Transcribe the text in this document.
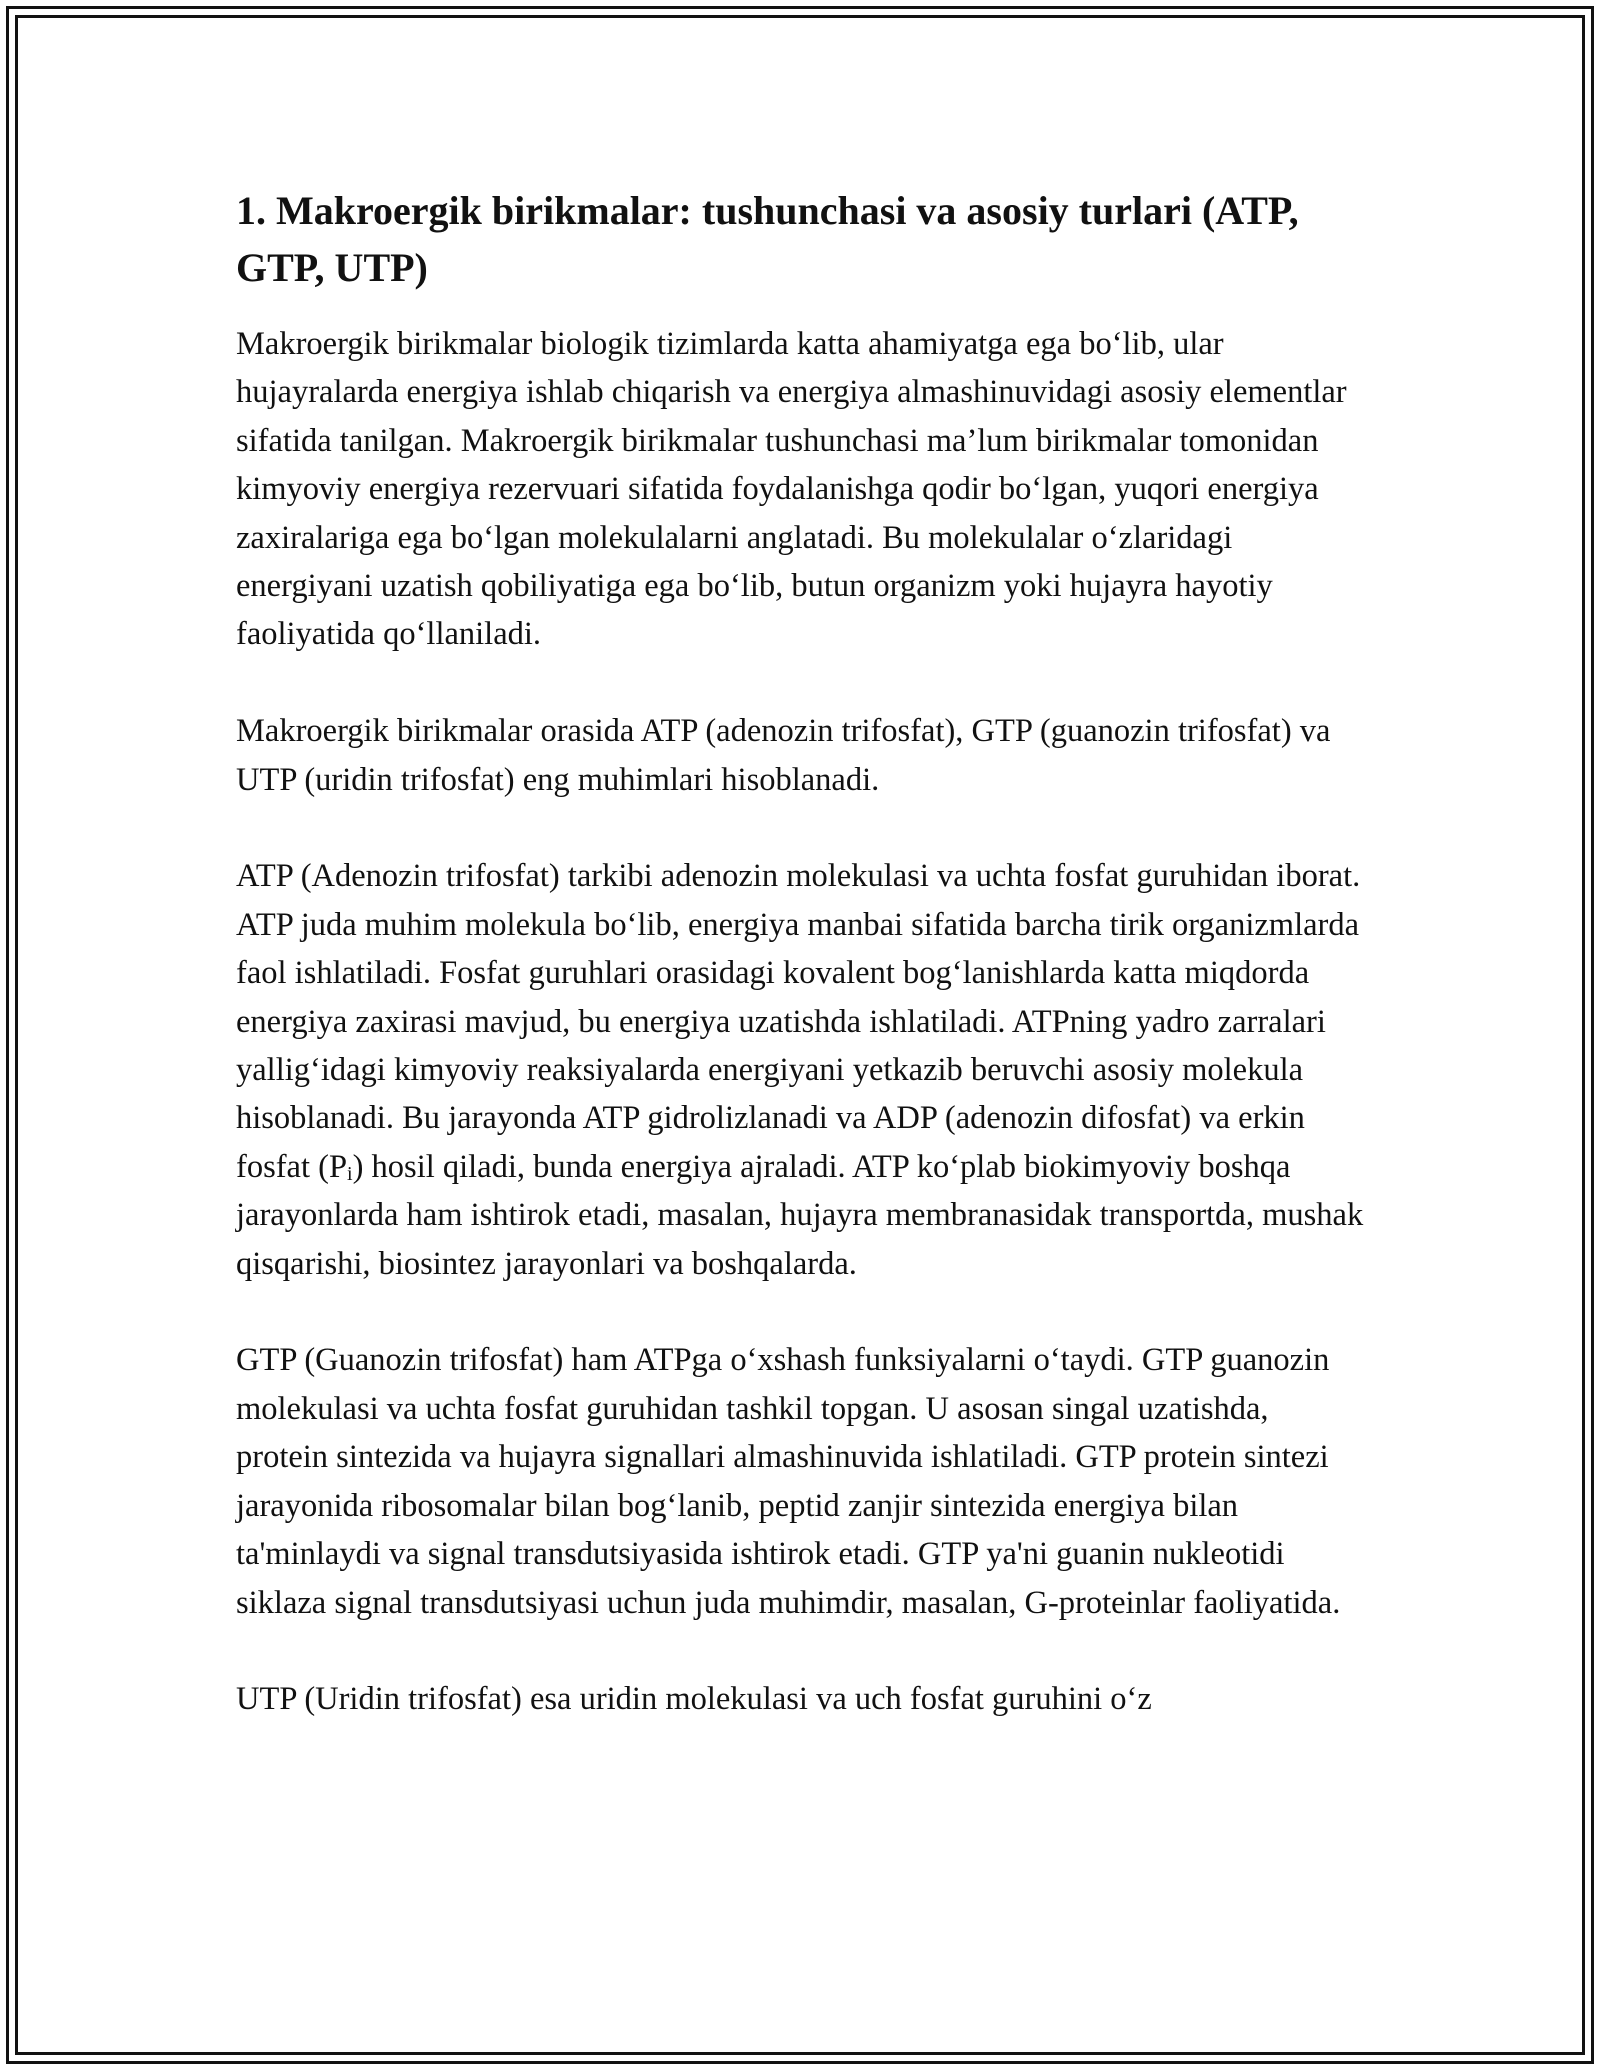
1. Makroergik birikmalar: tushunchasi va asosiy turlari (ATP, GTP, UTP)

Makroergik birikmalar biologik tizimlarda katta ahamiyatga ega bo‘lib, ular hujayralarda energiya ishlab chiqarish va energiya almashinuvidagi asosiy elementlar sifatida tanilgan. Makroergik birikmalar tushunchasi ma’lum birikmalar tomonidan kimyoviy energiya rezervuari sifatida foydalanishga qodir bo‘lgan, yuqori energiya zaxiralariga ega bo‘lgan molekulalarni anglatadi. Bu molekulalar o‘zlaridagi energiyani uzatish qobiliyatiga ega bo‘lib, butun organizm yoki hujayra hayotiy faoliyatida qo‘llaniladi.

Makroergik birikmalar orasida ATP (adenozin trifosfat), GTP (guanozin trifosfat) va UTP (uridin trifosfat) eng muhimlari hisoblanadi.

ATP (Adenozin trifosfat) tarkibi adenozin molekulasi va uchta fosfat guruhidan iborat. ATP juda muhim molekula bo‘lib, energiya manbai sifatida barcha tirik organizmlarda faol ishlatiladi. Fosfat guruhlari orasidagi kovalent bog‘lanishlarda katta miqdorda energiya zaxirasi mavjud, bu energiya uzatishda ishlatiladi. ATPning yadro zarralari yallig‘idagi kimyoviy reaksiyalarda energiyani yetkazib beruvchi asosiy molekula hisoblanadi. Bu jarayonda ATP gidrolizlanadi va ADP (adenozin difosfat) va erkin fosfat $(P_i)$ hosil qiladi, bunda energiya ajraladi. ATP ko‘plab biokimyoviy boshqa jarayonlarda ham ishtirok etadi, masalan, hujayra membranasidak transportda, mushak qisqarishi, biosintez jarayonlari va boshqalarda.

GTP (Guanozin trifosfat) ham ATPga o‘xshash funksiyalarni o‘taydi. GTP guanozin molekulasi va uchta fosfat guruhidan tashkil topgan. U asosan singal uzatishda, protein sintezida va hujayra signallari almashinuvida ishlatiladi. GTP protein sintezi jarayonida ribosomalar bilan bog‘lanib, peptid zanjir sintezida energiya bilan ta'minlaydi va signal transdutsiyasida ishtirok etadi. GTP ya'ni guanin nukleotidi siklaza signal transdutsiyasi uchun juda muhimdir, masalan, G-proteinlar faoliyatida.

UTP (Uridin trifosfat) esa uridin molekulasi va uch fosfat guruhini o‘z
